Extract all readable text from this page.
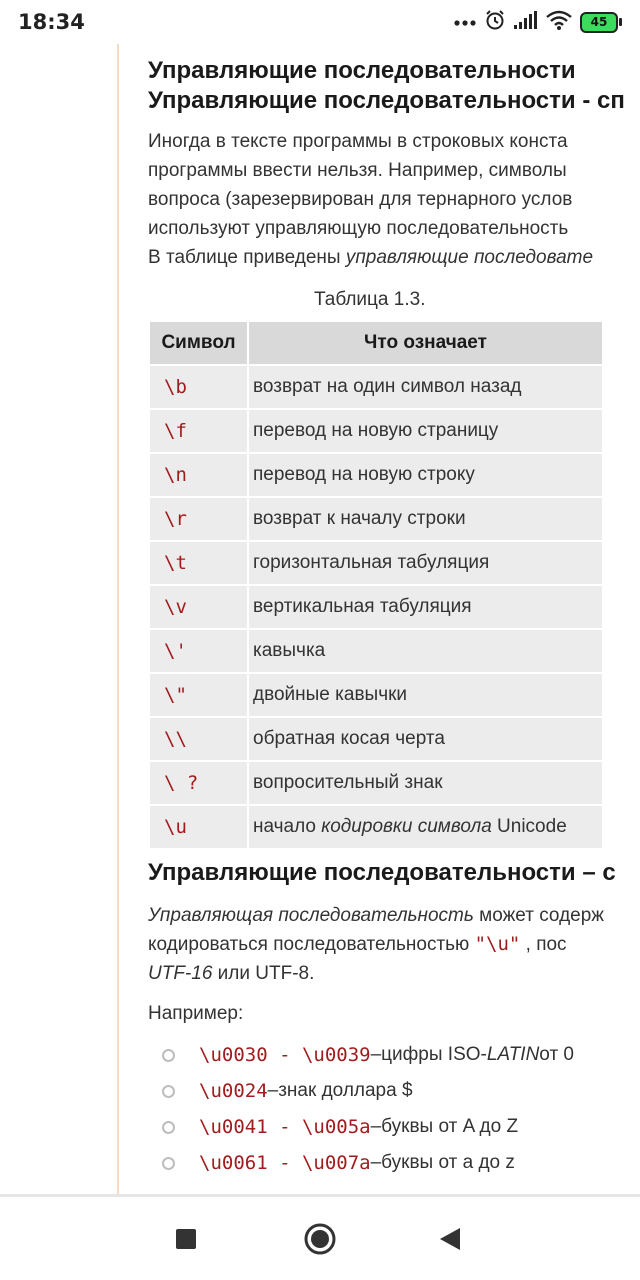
18:34	45
Управляющие последовательности
Управляющие последовательности - сп
Иногда в тексте программы в строковых конста
программы ввести нельзя. Например, символы
вопроса (зарезервирован для тернарного услов
используют управляющую последовательность
В таблице приведены управляющие последовате
Таблица 1.3.
Символ	Что означает
\b	возврат на один символ назад
\f	перевод на новую страницу
\n	перевод на новую строку
\r	возврат к началу строки
\t	горизонтальная табуляция
\v	вертикальная табуляция
\'	кавычка
\"	двойные кавычки
\\	обратная косая черта
\ ?	вопросительный знак
\u	начало кодировки символа Unicode
Управляющие последовательности – с
Управляющая последовательность может содерж
кодироваться последовательностью "\u" , пос
UTF-16 или UTF-8.
Например:
\u0030 - \u0039 – цифры ISO- LATIN от 0
\u0024 – знак доллара $
\u0041 - \u005a – буквы от A до Z
\u0061 - \u007a – буквы от a до z
